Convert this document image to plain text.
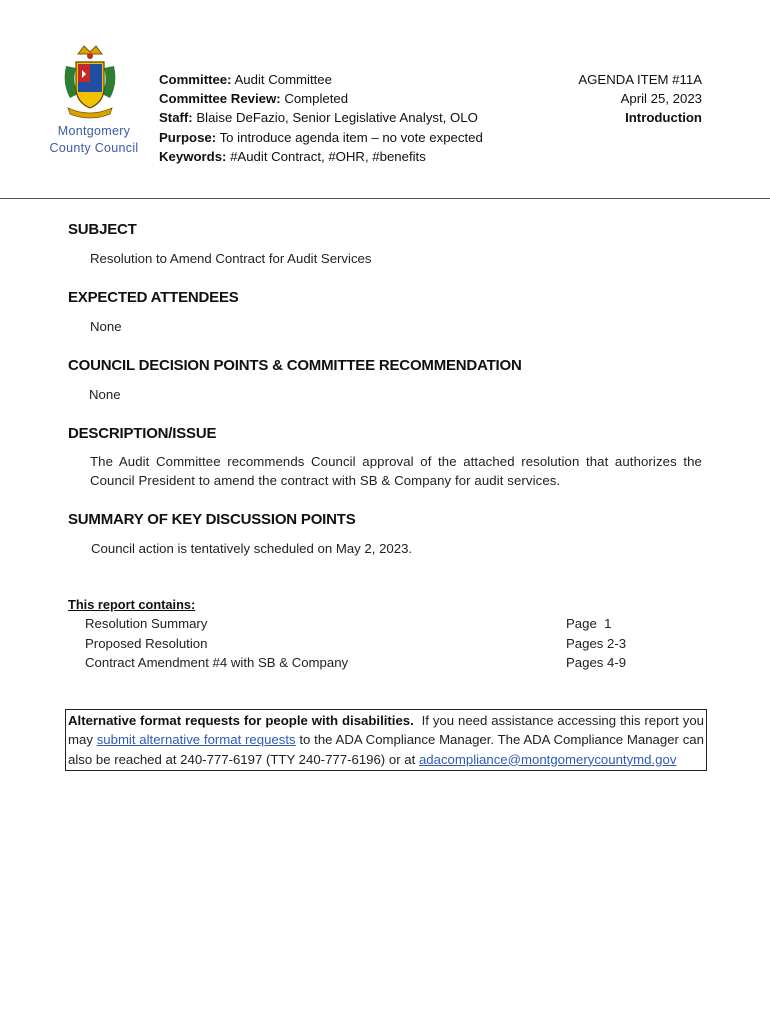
Montgomery
County Council
Committee: Audit Committee
Committee Review: Completed
Staff: Blaise DeFazio, Senior Legislative Analyst, OLO
Purpose: To introduce agenda item – no vote expected
Keywords: #Audit Contract, #OHR, #benefits
AGENDA ITEM #11A
April 25, 2023
Introduction
SUBJECT
Resolution to Amend Contract for Audit Services
EXPECTED ATTENDEES
None
COUNCIL DECISION POINTS & COMMITTEE RECOMMENDATION
None
DESCRIPTION/ISSUE
The Audit Committee recommends Council approval of the attached resolution that authorizes the Council President to amend the contract with SB & Company for audit services.
SUMMARY OF KEY DISCUSSION POINTS
Council action is tentatively scheduled on May 2, 2023.
This report contains:
Resolution Summary
Proposed Resolution
Contract Amendment #4 with SB & Company
Page  1
Pages 2-3
Pages 4-9
Alternative format requests for people with disabilities. If you need assistance accessing this report you may submit alternative format requests to the ADA Compliance Manager. The ADA Compliance Manager can also be reached at 240-777-6197 (TTY 240-777-6196) or at adacompliance@montgomerycountymd.gov
